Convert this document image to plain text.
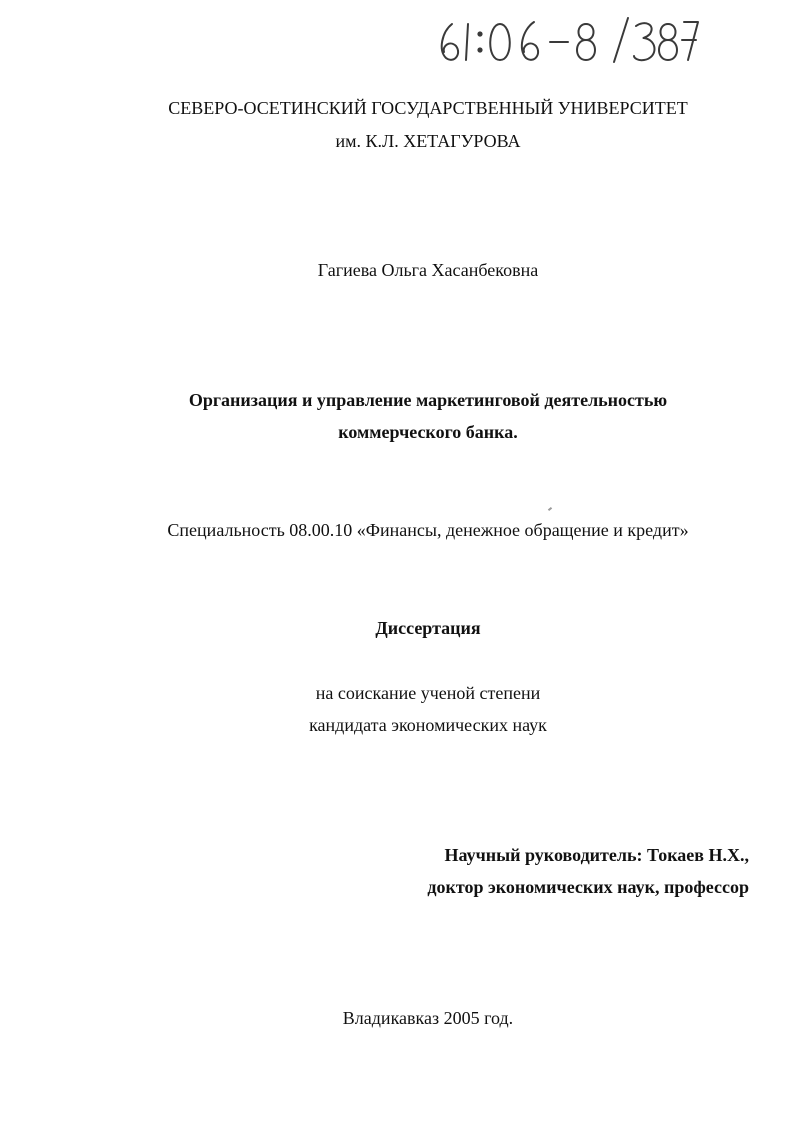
СЕВЕРО-ОСЕТИНСКИЙ ГОСУДАРСТВЕННЫЙ УНИВЕРСИТЕТ
им. К.Л. ХЕТАГУРОВА
Гагиева Ольга Хасанбековна
Организация и управление маркетинговой деятельностью
коммерческого банка.
Специальность 08.00.10 «Финансы, денежное обращение и кредит»
Диссертация
на соискание ученой степени
кандидата экономических наук
Научный руководитель: Токаев Н.Х.,
доктор экономических наук, профессор
Владикавказ 2005 год.
